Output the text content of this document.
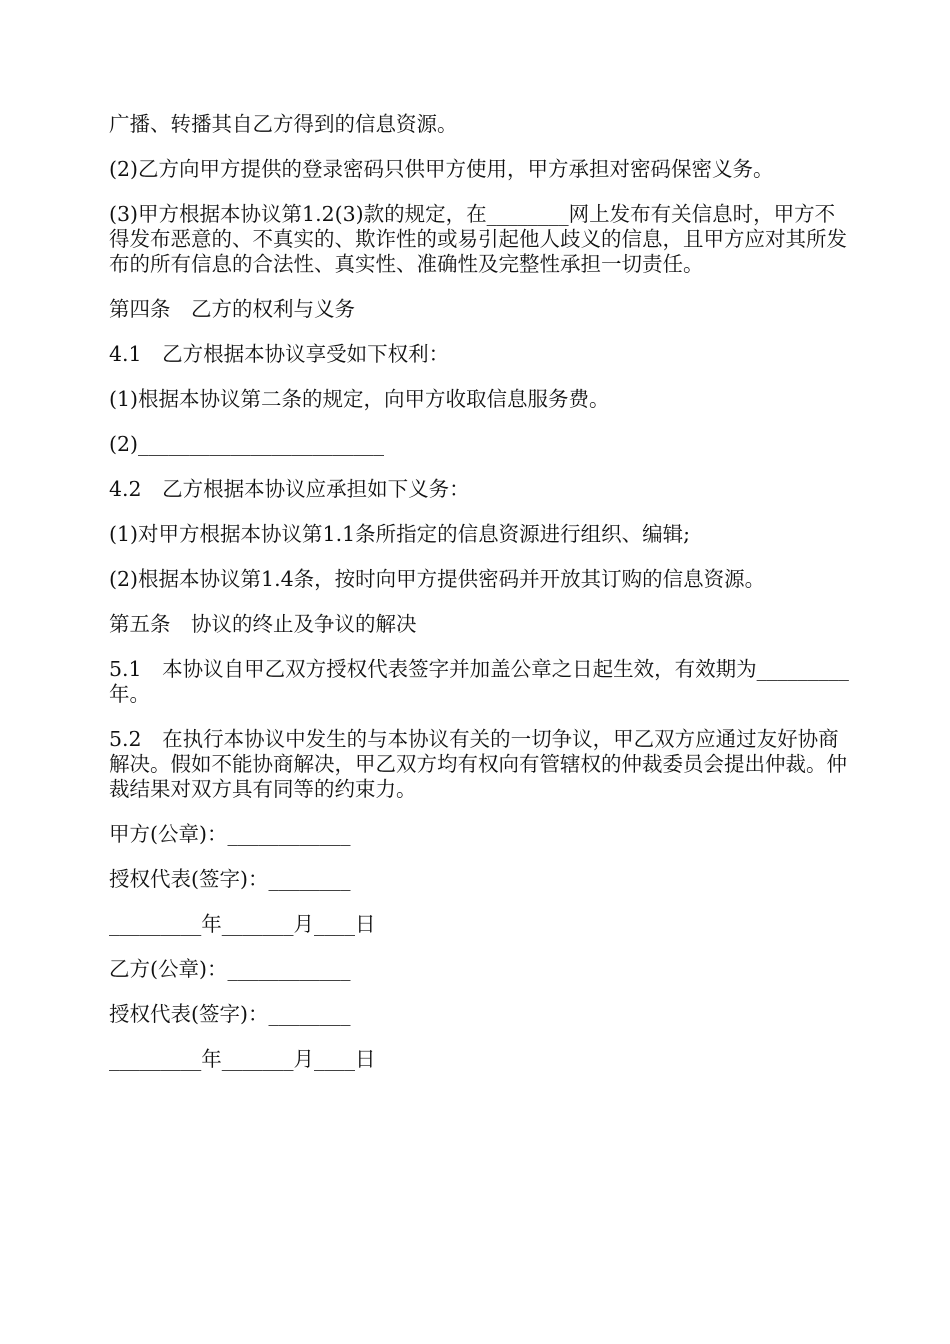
广播、转播其自乙方得到的信息资源。

(2)乙方向甲方提供的登录密码只供甲方使用，甲方承担对密码保密义务。

(3)甲方根据本协议第1.2(3)款的规定，在________网上发布有关信息时，甲方不得发布恶意的、不真实的、欺诈性的或易引起他人歧义的信息，且甲方应对其所发布的所有信息的合法性、真实性、准确性及完整性承担一切责任。

第四条　乙方的权利与义务

4.1　乙方根据本协议享受如下权利：

(1)根据本协议第二条的规定，向甲方收取信息服务费。

(2)________________________

4.2　乙方根据本协议应承担如下义务：

(1)对甲方根据本协议第1.1条所指定的信息资源进行组织、编辑;

(2)根据本协议第1.4条，按时向甲方提供密码并开放其订购的信息资源。

第五条　协议的终止及争议的解决

5.1　本协议自甲乙双方授权代表签字并加盖公章之日起生效，有效期为_________年。

5.2　在执行本协议中发生的与本协议有关的一切争议，甲乙双方应通过友好协商解决。假如不能协商解决，甲乙双方均有权向有管辖权的仲裁委员会提出仲裁。仲裁结果对双方具有同等的约束力。

甲方(公章)：____________

授权代表(签字)：________

_________年_______月____日

乙方(公章)：____________

授权代表(签字)：________

_________年_______月____日
